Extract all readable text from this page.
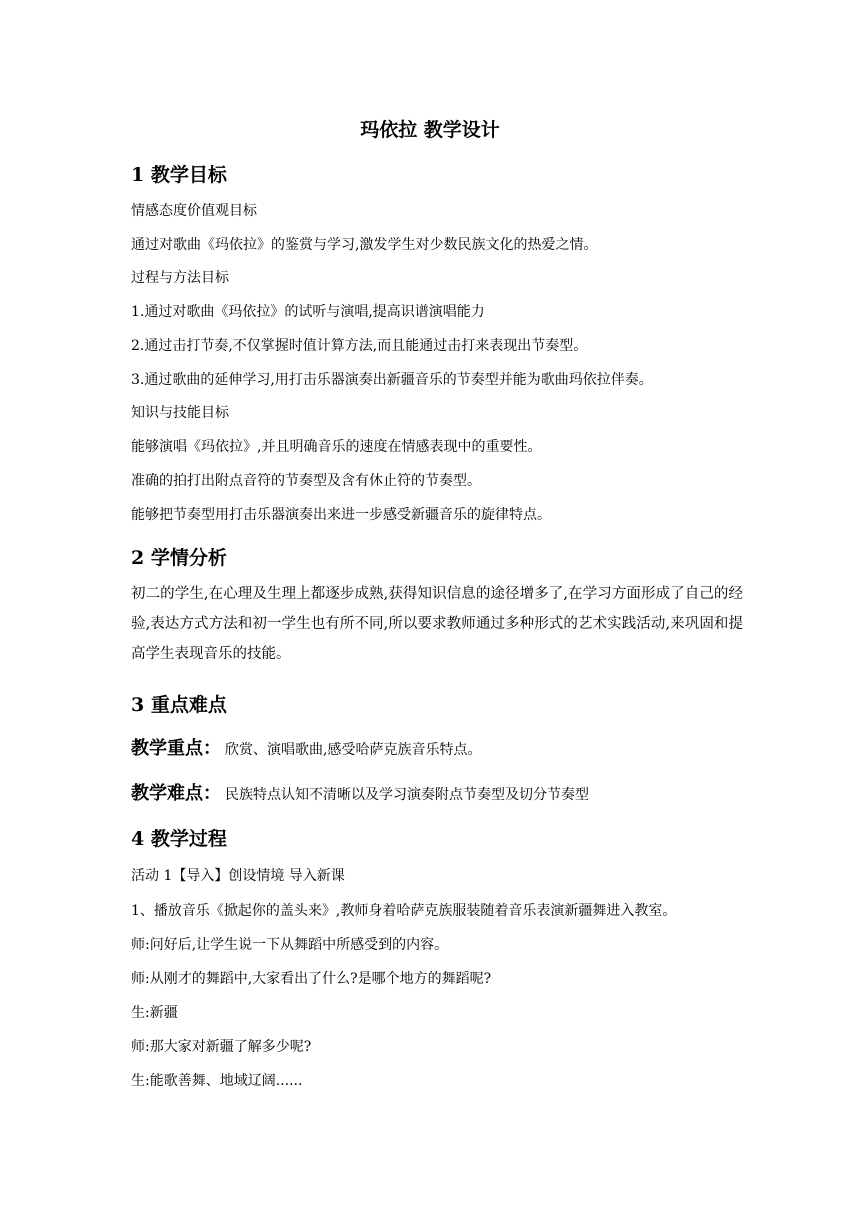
玛依拉 教学设计
1 教学目标

情感态度价值观目标

通过对歌曲《玛依拉》的鉴赏与学习,激发学生对少数民族文化的热爱之情。

过程与方法目标

1.通过对歌曲《玛依拉》的试听与演唱,提高识谱演唱能力

2.通过击打节奏,不仅掌握时值计算方法,而且能通过击打来表现出节奏型。

3.通过歌曲的延伸学习,用打击乐器演奏出新疆音乐的节奏型并能为歌曲玛依拉伴奏。

知识与技能目标

能够演唱《玛依拉》,并且明确音乐的速度在情感表现中的重要性。

准确的拍打出附点音符的节奏型及含有休止符的节奏型。

能够把节奏型用打击乐器演奏出来进一步感受新疆音乐的旋律特点。

2 学情分析

初二的学生,在心理及生理上都逐步成熟,获得知识信息的途径增多了,在学习方面形成了自己的经验,表达方式方法和初一学生也有所不同,所以要求教师通过多种形式的艺术实践活动,来巩固和提高学生表现音乐的技能。

3 重点难点

教学重点： 欣赏、演唱歌曲,感受哈萨克族音乐特点。

教学难点： 民族特点认知不清晰以及学习演奏附点节奏型及切分节奏型

4 教学过程

活动 1【导入】创设情境 导入新课

1、播放音乐《掀起你的盖头来》,教师身着哈萨克族服装随着音乐表演新疆舞进入教室。

师:问好后,让学生说一下从舞蹈中所感受到的内容。

师:从刚才的舞蹈中,大家看出了什么?是哪个地方的舞蹈呢?

生:新疆

师:那大家对新疆了解多少呢?

生:能歌善舞、地域辽阔......
